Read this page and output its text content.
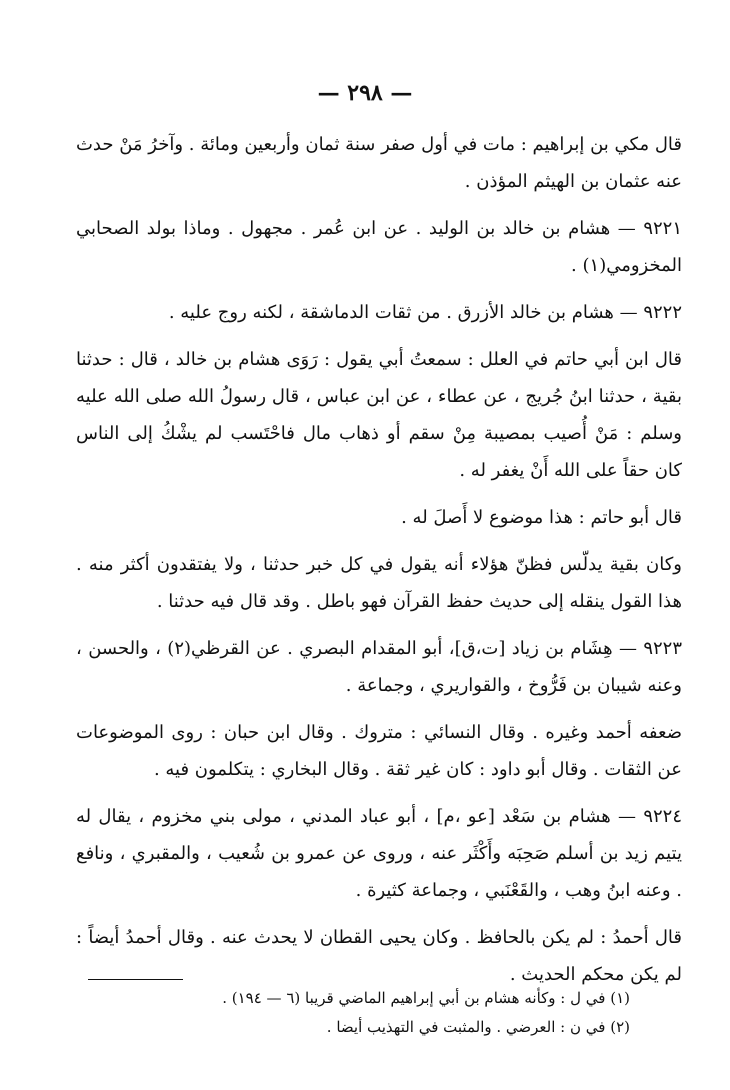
— ٢٩٨ —

قال مكي بن إبراهيم : مات في أول صفر سنة ثمان وأربعين ومائة . وآخرُ مَنْ حدث عنه عثمان بن الهيثم المؤذن .

٩٢٢١ — هشام بن خالد بن الوليد . عن ابن عُمر . مجهول . وماذا بولد الصحابي المخزومي(١) .

٩٢٢٢ — هشام بن خالد الأزرق . من ثقات الدماشقة ، لكنه روج عليه .

قال ابن أبي حاتم في العلل : سمعتُ أبي يقول : رَوَى هشام بن خالد ، قال : حدثنا بقية ، حدثنا ابنُ جُريج ، عن عطاء ، عن ابن عباس ، قال رسولُ الله صلى الله عليه وسلم : مَنْ أُصيب بمصيبة مِنْ سقم أو ذهاب مال فاحْتَسب لم يشْكُ إلى الناس كان حقاً على الله أَنْ يغفر له .

قال أبو حاتم : هذا موضوع لا أَصلَ له .

وكان بقية يدلّس فظنّ هؤلاء أنه يقول في كل خبر حدثنا ، ولا يفتقدون أكثر منه . هذا القول ينقله إلى حديث حفظ القرآن فهو باطل . وقد قال فيه حدثنا .

٩٢٢٣ — هِشَام بن زياد [ت،ق]، أبو المقدام البصري . عن القرظي(٢) ، والحسن ، وعنه شيبان بن فَرُّوخ ، والقواريري ، وجماعة .

ضعفه أحمد وغيره . وقال النسائي : متروك . وقال ابن حبان : روى الموضوعات عن الثقات . وقال أبو داود : كان غير ثقة . وقال البخاري : يتكلمون فيه .

٩٢٢٤ — هشام بن سَعْد [عو ،م] ، أبو عباد المدني ، مولى بني مخزوم ، يقال له يتيم زيد بن أسلم صَحِبَه وأَكْثَر عنه ، وروى عن عمرو بن شُعيب ، والمقبري ، ونافع . وعنه ابنُ وهب ، والقَعْنَبي ، وجماعة كثيرة .

قال أحمدُ : لم يكن بالحافظ . وكان يحيى القطان لا يحدث عنه . وقال أحمدُ أيضاً : لم يكن محكم الحديث .

(١) في ل : وكأنه هشام بن أبي إبراهيم الماضي قريبا (٦ — ١٩٤) .

(٢) في ن : العرضي . والمثبت في التهذيب أيضا .
